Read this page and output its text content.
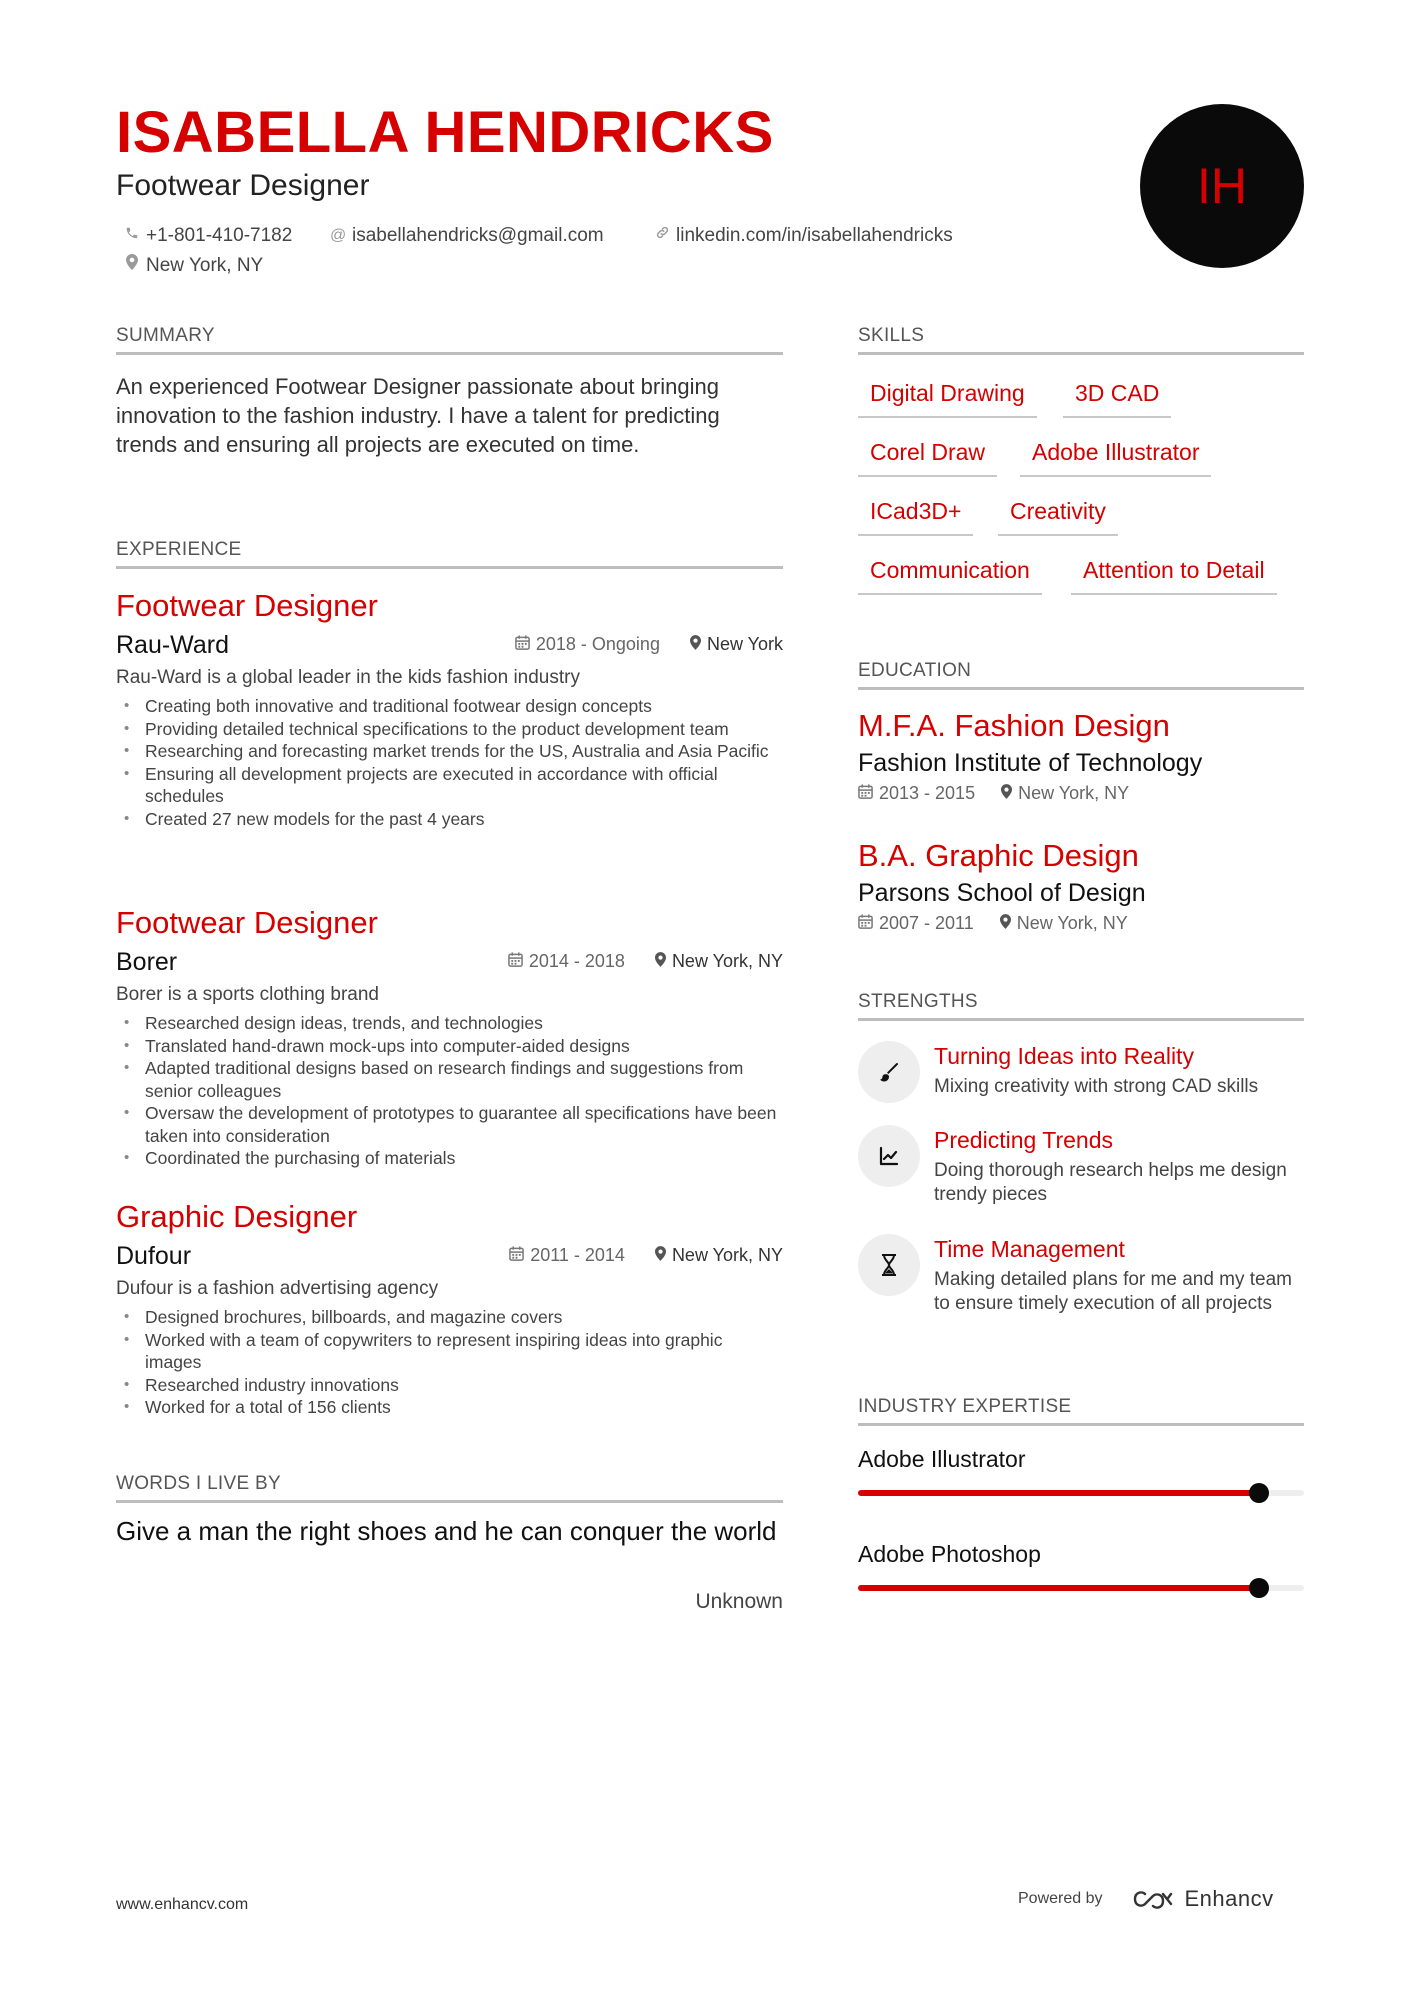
ISABELLA HENDRICKS
Footwear Designer
+1-801-410-7182 @ isabellahendricks@gmail.com	linkedin.com/in/isabellahendricks
New York, NY
IH
SUMMARY
An experienced Footwear Designer passionate about bringing innovation to the fashion industry. I have a talent for predicting trends and ensuring all projects are executed on time.
EXPERIENCE
Footwear Designer
Rau-Ward	2018 - Ongoing	New York
Rau-Ward is a global leader in the kids fashion industry
• Creating both innovative and traditional footwear design concepts
• Providing detailed technical specifications to the product development team
• Researching and forecasting market trends for the US, Australia and Asia Pacific
• Ensuring all development projects are executed in accordance with official schedules
• Created 27 new models for the past 4 years
Footwear Designer
Borer	2014 - 2018	New York, NY
Borer is a sports clothing brand
• Researched design ideas, trends, and technologies
• Translated hand-drawn mock-ups into computer-aided designs
• Adapted traditional designs based on research findings and suggestions from senior colleagues
• Oversaw the development of prototypes to guarantee all specifications have been taken into consideration
• Coordinated the purchasing of materials
Graphic Designer
Dufour	2011 - 2014	New York, NY
Dufour is a fashion advertising agency
• Designed brochures, billboards, and magazine covers
• Worked with a team of copywriters to represent inspiring ideas into graphic images
• Researched industry innovations
• Worked for a total of 156 clients
WORDS I LIVE BY
Give a man the right shoes and he can conquer the world
Unknown
SKILLS
Digital Drawing	3D CAD
Corel Draw	Adobe Illustrator
ICad3D+	Creativity
Communication	Attention to Detail
EDUCATION
M.F.A. Fashion Design
Fashion Institute of Technology
2013 - 2015 New York, NY
B.A. Graphic Design
Parsons School of Design
2007 - 2011 New York, NY
STRENGTHS
Turning Ideas into Reality
Mixing creativity with strong CAD skills
Predicting Trends
Doing thorough research helps me design trendy pieces
Time Management
Making detailed plans for me and my team to ensure timely execution of all projects
INDUSTRY EXPERTISE
Adobe Illustrator
Adobe Photoshop
www.enhancv.com	Powered by	Enhancv
